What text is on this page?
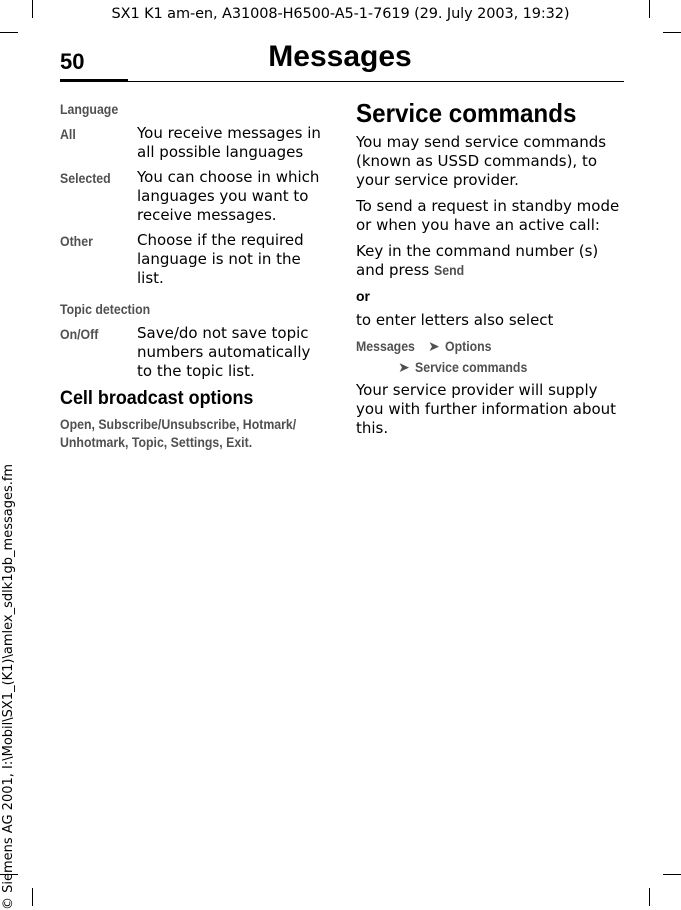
SX1 K1 am-en, A31008-H6500-A5-1-7619 (29. July 2003, 19:32)
© Siemens AG 2001, I:\Mobil\SX1_(K1)\amlex_sdlk1gb_messages.fm
50	Messages
Language
All	You receive messages in all possible languages
Selected	You can choose in which languages you want to receive messages.
Other	Choose if the required language is not in the list.
Topic detection
On/Off	Save/do not save topic numbers automatically to the topic list.
Cell broadcast options
Open, Subscribe/Unsubscribe, Hotmark/
Unhotmark, Topic, Settings, Exit.
Service commands
You may send service commands (known as USSD commands), to your service provider.
To send a request in standby mode or when you have an active call:
Key in the command number (s) and press Send
or
to enter letters also select
Messages ➤ Options
➤ Service commands
Your service provider will supply you with further information about this.
